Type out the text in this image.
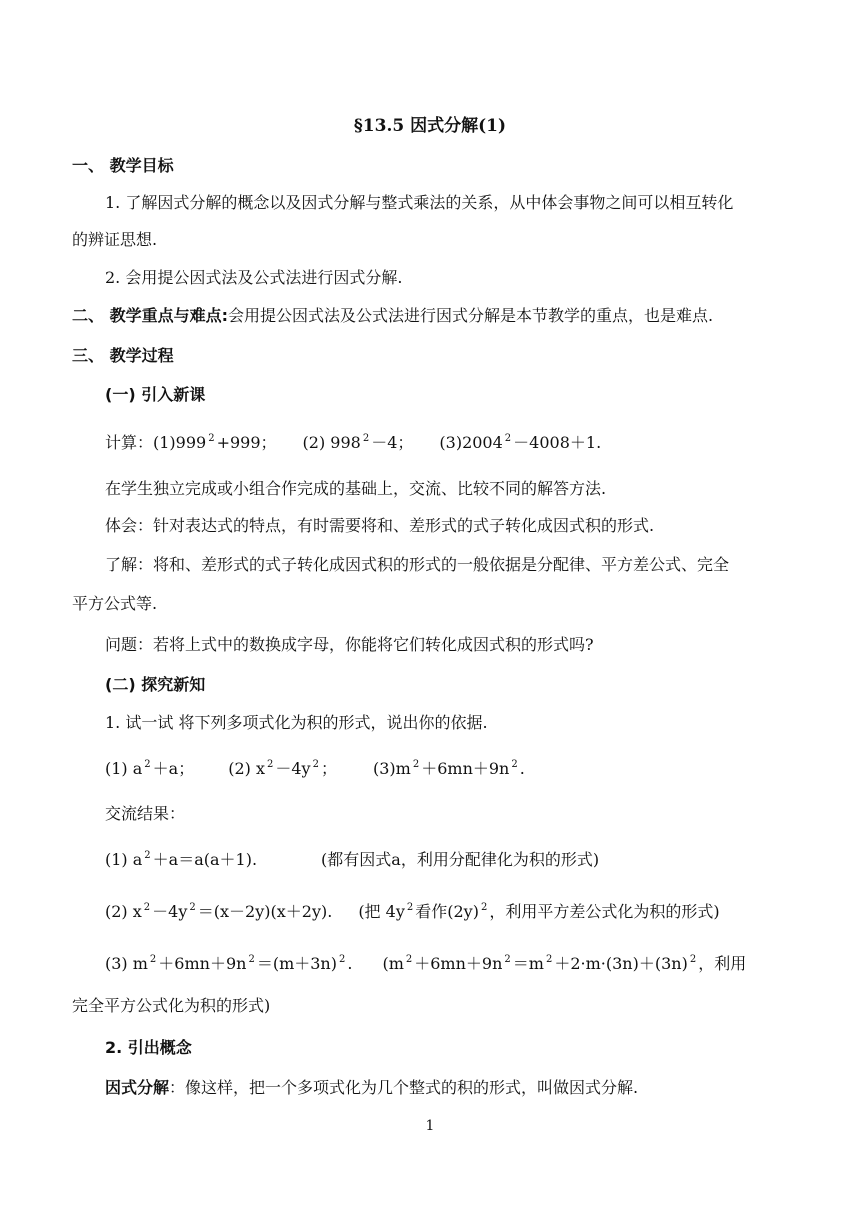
§13.5 因式分解(1)
一、 教学目标
1. 了解因式分解的概念以及因式分解与整式乘法的关系，从中体会事物之间可以相互转化
的辨证思想.
2. 会用提公因式法及公式法进行因式分解.
二、 教学重点与难点:会用提公因式法及公式法进行因式分解是本节教学的重点，也是难点.
三、 教学过程
(一) 引入新课
计算：(1)999 $^2$ +999； (2) 998 $^2$ －4； (3)2004 $^2$ －4008＋1.
在学生独立完成或小组合作完成的基础上，交流、比较不同的解答方法.
体会：针对表达式的特点，有时需要将和、差形式的式子转化成因式积的形式.
了解：将和、差形式的式子转化成因式积的形式的一般依据是分配律、平方差公式、完全
平方公式等.
问题：若将上式中的数换成字母，你能将它们转化成因式积的形式吗?
(二) 探究新知
1. 试一试 将下列多项式化为积的形式，说出你的依据.
(1) a $^2$ ＋a； (2) x $^2$ －4y $^2$ ； (3)m $^2$ ＋6mn＋9n $^2$ .
交流结果：
(1) a $^2$ ＋a＝a(a＋1).	(都有因式a，利用分配律化为积的形式)
(2) x $^2$ －4y $^2$ ＝(x－2y)(x＋2y). (把 4y $^2$ 看作(2y) $^2$ ，利用平方差公式化为积的形式)
(3) m $^2$ ＋6mn＋9n $^2$ ＝(m＋3n) $^2$ . (m $^2$ ＋6mn＋9n $^2$ ＝m $^2$ ＋2·m·(3n)＋(3n) $^2$ ，利用
完全平方公式化为积的形式)
2. 引出概念
因式分解：像这样，把一个多项式化为几个整式的积的形式，叫做因式分解.
1
